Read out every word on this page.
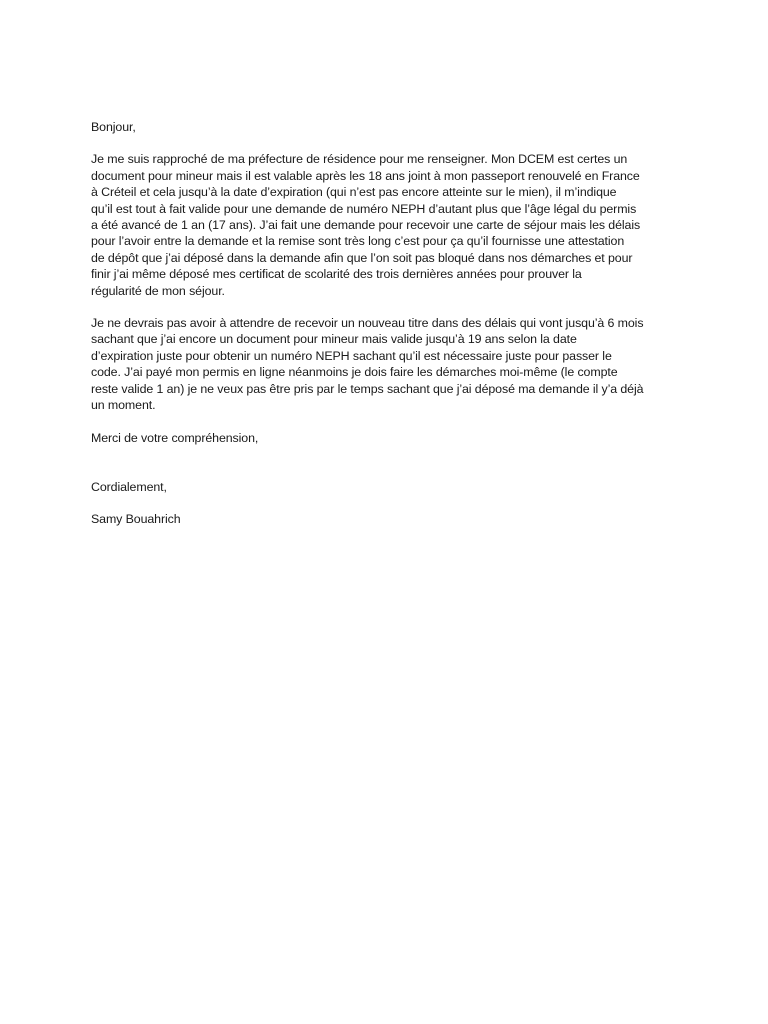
Bonjour,

Je me suis rapproché de ma préfecture de résidence pour me renseigner. Mon DCEM est certes un
document pour mineur mais il est valable après les 18 ans joint à mon passeport renouvelé en France
à Créteil et cela jusqu’à la date d’expiration (qui n’est pas encore atteinte sur le mien), il m’indique
qu’il est tout à fait valide pour une demande de numéro NEPH d’autant plus que l’âge légal du permis
a été avancé de 1 an (17 ans). J’ai fait une demande pour recevoir une carte de séjour mais les délais
pour l’avoir entre la demande et la remise sont très long c’est pour ça qu’il fournisse une attestation
de dépôt que j’ai déposé dans la demande afin que l’on soit pas bloqué dans nos démarches et pour
finir j’ai même déposé mes certificat de scolarité des trois dernières années pour prouver la
régularité de mon séjour.

Je ne devrais pas avoir à attendre de recevoir un nouveau titre dans des délais qui vont jusqu’à 6 mois
sachant que j’ai encore un document pour mineur mais valide jusqu’à 19 ans selon la date
d’expiration juste pour obtenir un numéro NEPH sachant qu’il est nécessaire juste pour passer le
code. J’ai payé mon permis en ligne néanmoins je dois faire les démarches moi-même (le compte
reste valide 1 an) je ne veux pas être pris par le temps sachant que j’ai déposé ma demande il y’a déjà
un moment.

Merci de votre compréhension,

Cordialement,

Samy Bouahrich
